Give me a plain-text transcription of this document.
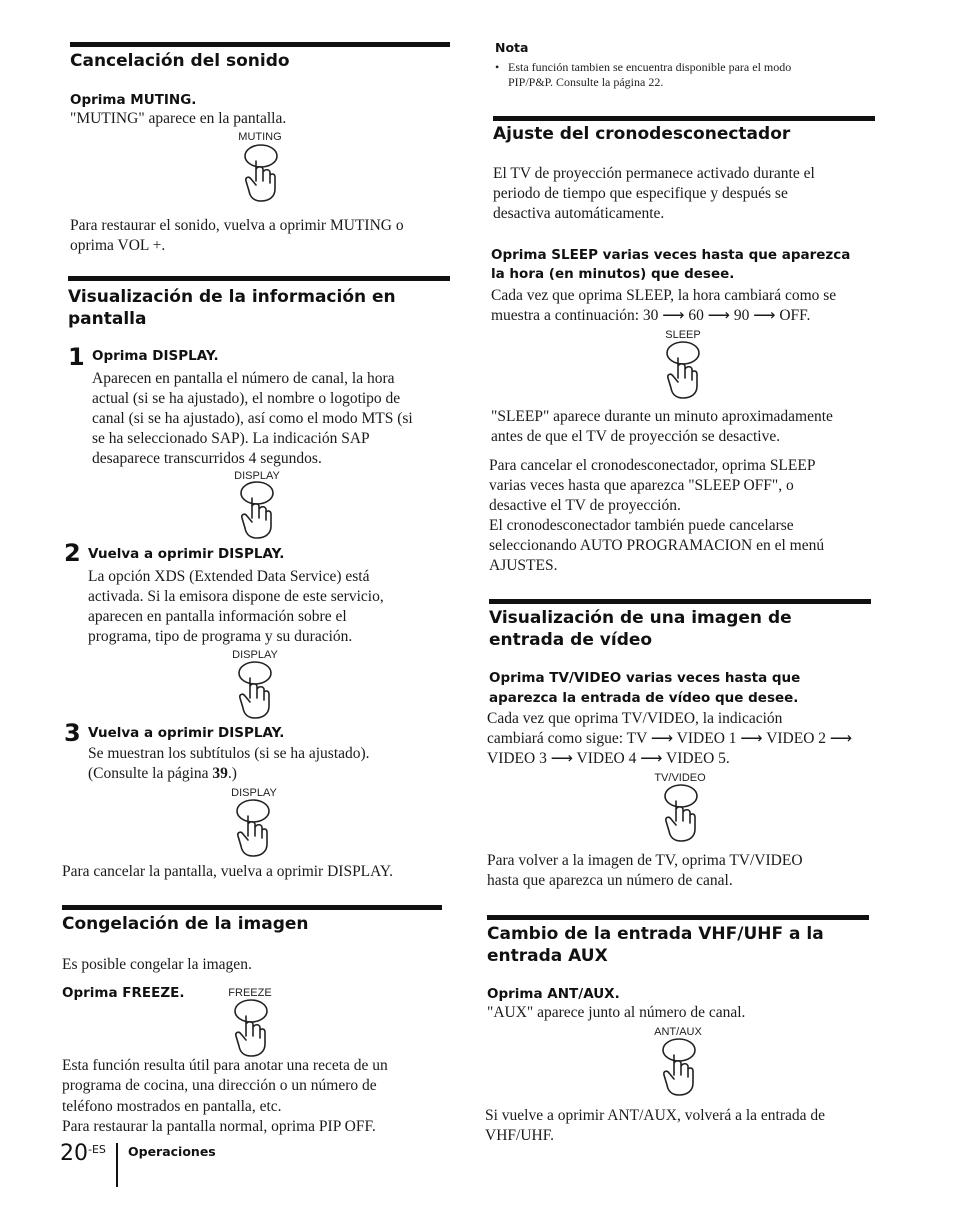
Cancelación del sonido
Oprima MUTING.
"MUTING" aparece en la pantalla.
MUTING
Para restaurar el sonido, vuelva a oprimir MUTING o
oprima VOL +.
Visualización de la información en
pantalla
1 Oprima DISPLAY.
Aparecen en pantalla el número de canal, la hora
actual (si se ha ajustado), el nombre o logotipo de
canal (si se ha ajustado), así como el modo MTS (si
se ha seleccionado SAP). La indicación SAP
desaparece transcurridos 4 segundos.
DISPLAY
2 Vuelva a oprimir DISPLAY.
La opción XDS (Extended Data Service) está
activada. Si la emisora dispone de este servicio,
aparecen en pantalla información sobre el
programa, tipo de programa y su duración.
DISPLAY
3 Vuelva a oprimir DISPLAY.
Se muestran los subtítulos (si se ha ajustado).
(Consulte la página 39.)
DISPLAY
Para cancelar la pantalla, vuelva a oprimir DISPLAY.
Congelación de la imagen
Es posible congelar la imagen.
Oprima FREEZE.	FREEZE
Esta función resulta útil para anotar una receta de un
programa de cocina, una dirección o un número de
teléfono mostrados en pantalla, etc.
Para restaurar la pantalla normal, oprima PIP OFF.
$20^{-ES}$ Operaciones
Nota
• Esta función tambien se encuentra disponible para el modo
PIP/P&P. Consulte la página 22.
Ajuste del cronodesconectador
El TV de proyección permanece activado durante el
periodo de tiempo que especifique y después se
desactiva automáticamente.
Oprima SLEEP varias veces hasta que aparezca
la hora (en minutos) que desee.
Cada vez que oprima SLEEP, la hora cambiará como se
muestra a continuación: 30 ⟶ 60 ⟶ 90 ⟶ OFF.
SLEEP
"SLEEP" aparece durante un minuto aproximadamente
antes de que el TV de proyección se desactive.
Para cancelar el cronodesconectador, oprima SLEEP
varias veces hasta que aparezca "SLEEP OFF", o
desactive el TV de proyección.
El cronodesconectador también puede cancelarse
seleccionando AUTO PROGRAMACION en el menú
AJUSTES.
Visualización de una imagen de
entrada de vídeo
Oprima TV/VIDEO varias veces hasta que
aparezca la entrada de vídeo que desee.
Cada vez que oprima TV/VIDEO, la indicación
cambiará como sigue: TV ⟶ VIDEO 1 ⟶ VIDEO 2 ⟶
VIDEO 3 ⟶ VIDEO 4 ⟶ VIDEO 5.
TV/VIDEO
Para volver a la imagen de TV, oprima TV/VIDEO
hasta que aparezca un número de canal.
Cambio de la entrada VHF/UHF a la
entrada AUX
Oprima ANT/AUX.
"AUX" aparece junto al número de canal.
ANT/AUX
Si vuelve a oprimir ANT/AUX, volverá a la entrada de
VHF/UHF.
